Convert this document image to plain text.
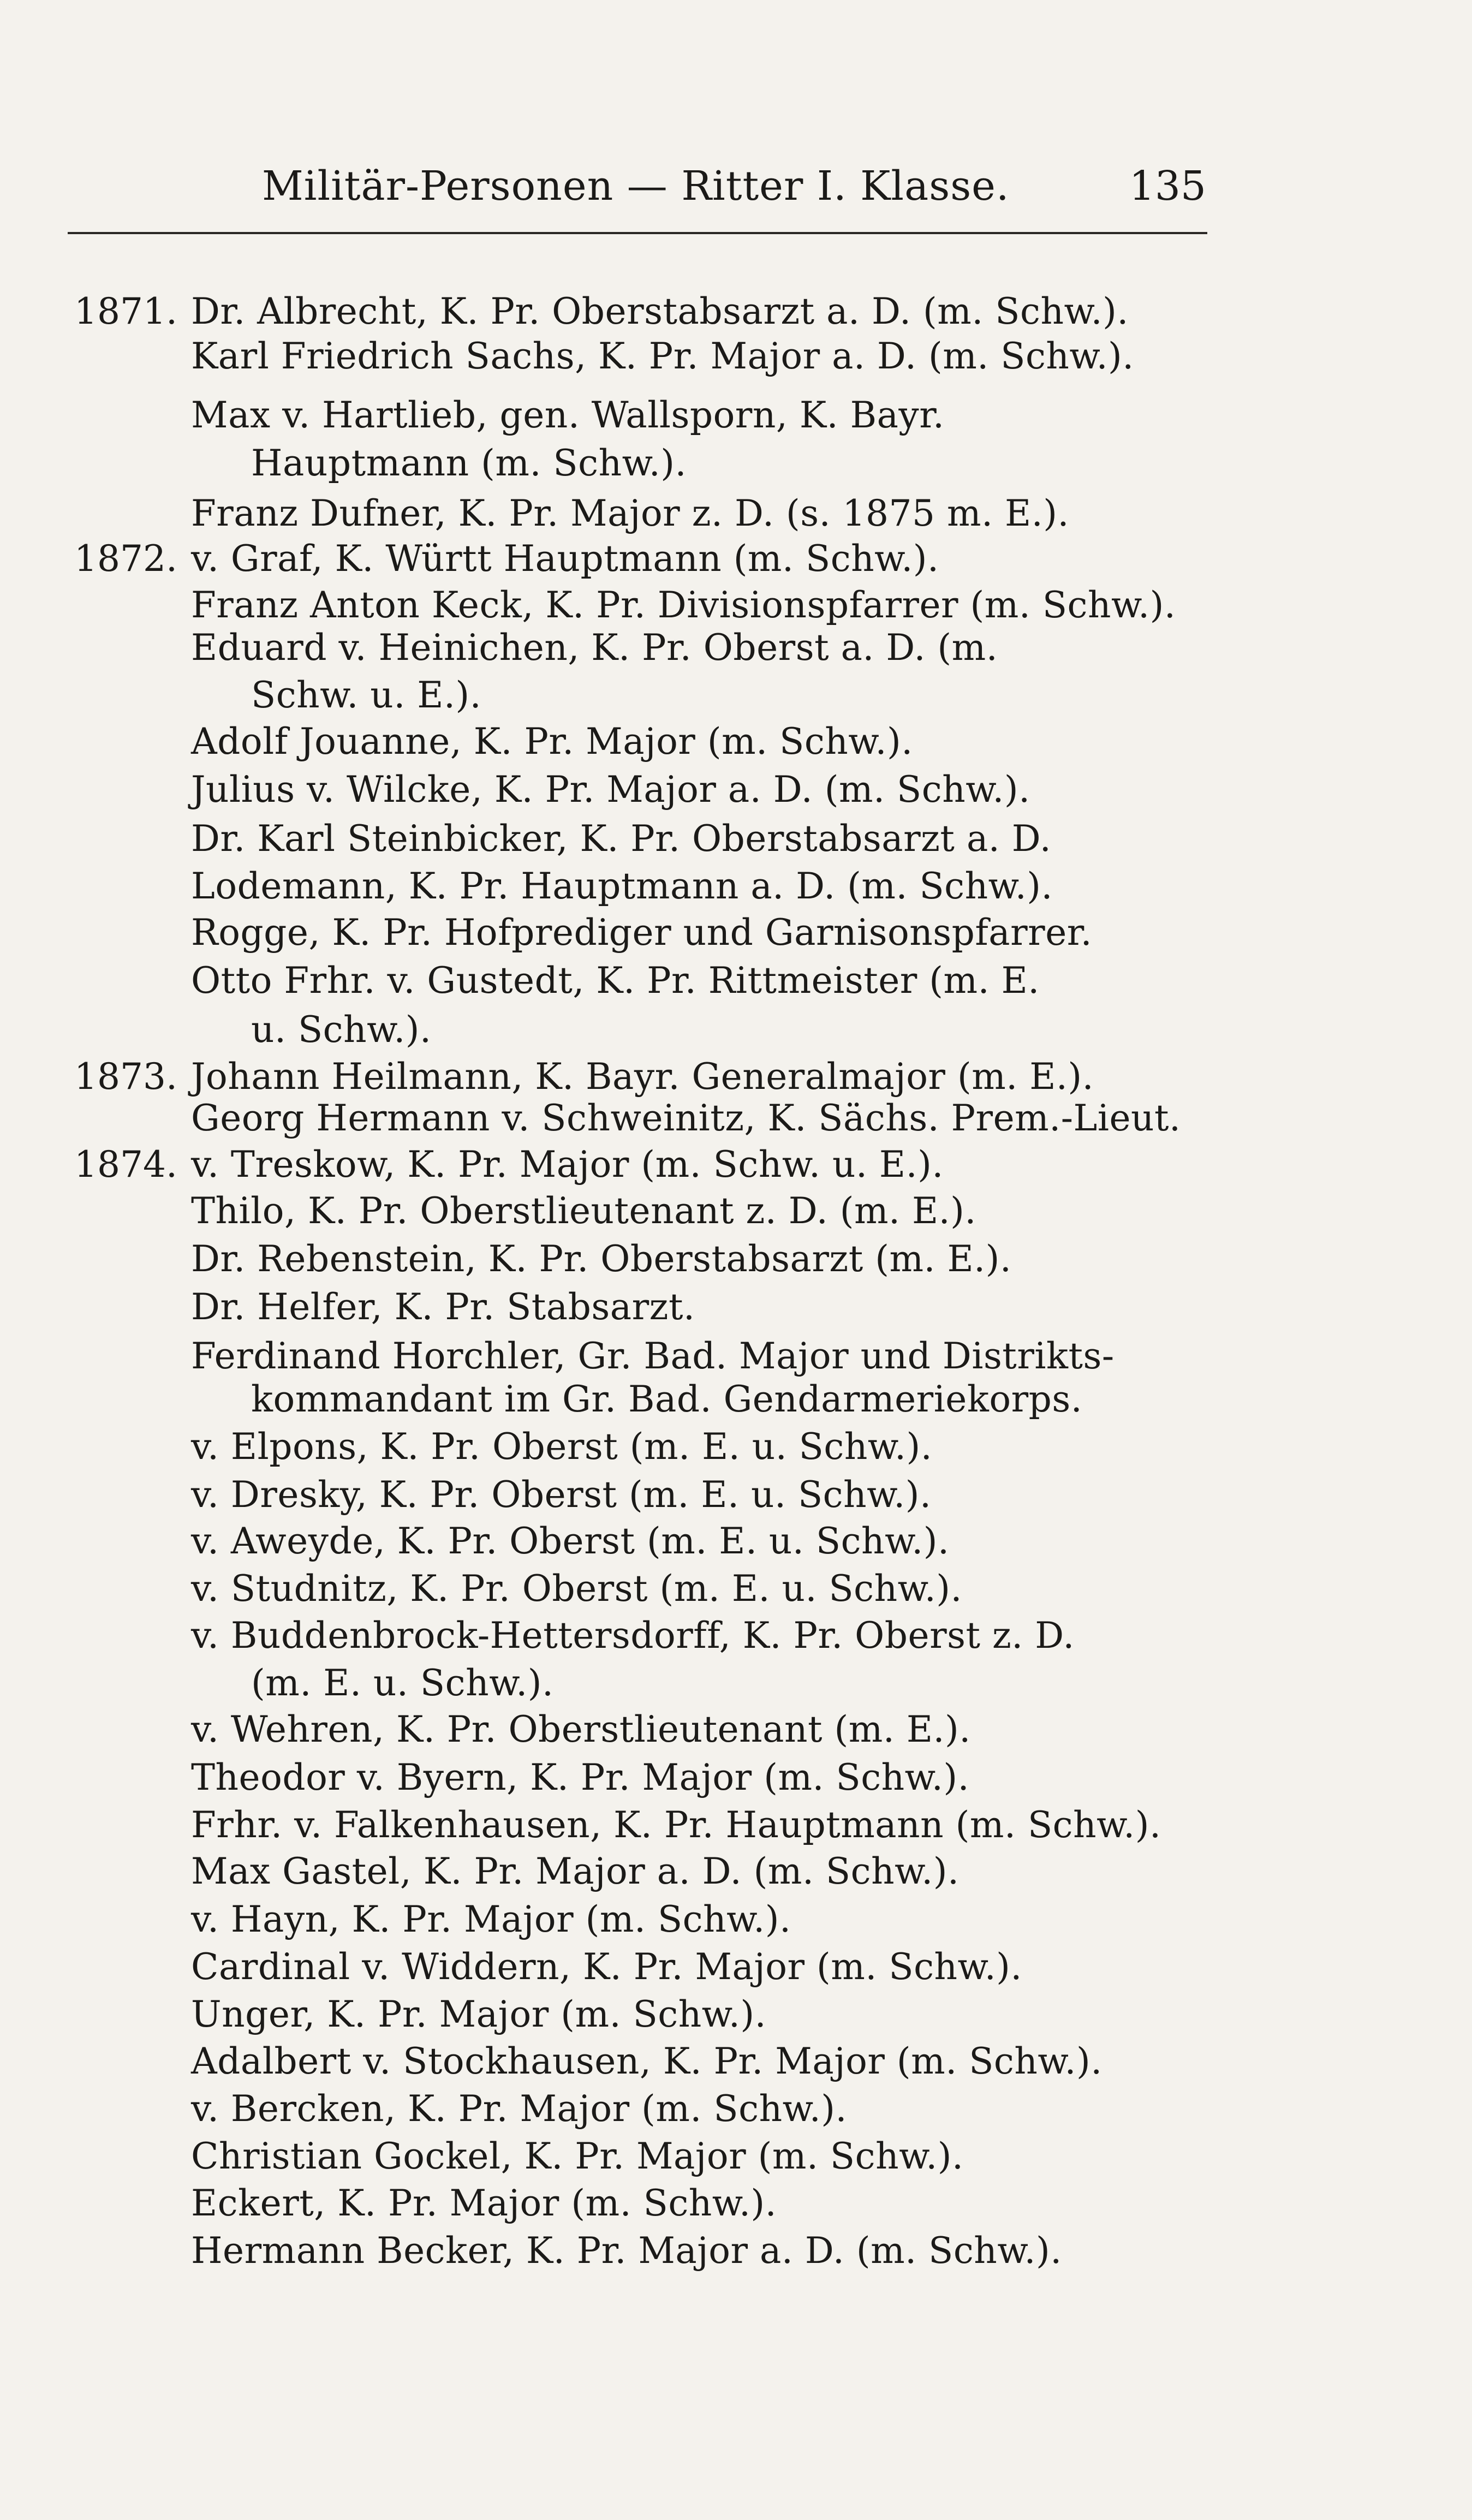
Militär-Personen — Ritter I. Klasse.	135
1871.
1872.
1873.
1874.
Dr. Albrecht, K. Pr. Oberstabsarzt a. D. (m. Schw.).
Karl Friedrich Sachs, K. Pr. Major a. D. (m. Schw.).
Max v. Hartlieb, gen. Wallsporn, K. Bayr.
Hauptmann (m. Schw.).
Franz Dufner, K. Pr. Major z. D. (s. 1875 m. E.).
v. Graf, K. Württ Hauptmann (m. Schw.).
Franz Anton Keck, K. Pr. Divisionspfarrer (m. Schw.).
Eduard v. Heinichen, K. Pr. Oberst a. D. (m.
Schw. u. E.).
Adolf Jouanne, K. Pr. Major (m. Schw.).
Julius v. Wilcke, K. Pr. Major a. D. (m. Schw.).
Dr. Karl Steinbicker, K. Pr. Oberstabsarzt a. D.
Lodemann, K. Pr. Hauptmann a. D. (m. Schw.).
Rogge, K. Pr. Hofprediger und Garnisonspfarrer.
Otto Frhr. v. Gustedt, K. Pr. Rittmeister (m. E.
u. Schw.).
Johann Heilmann, K. Bayr. Generalmajor (m. E.).
Georg Hermann v. Schweinitz, K. Sächs. Prem.-Lieut.
v. Treskow, K. Pr. Major (m. Schw. u. E.).
Thilo, K. Pr. Oberstlieutenant z. D. (m. E.).
Dr. Rebenstein, K. Pr. Oberstabsarzt (m. E.).
Dr. Helfer, K. Pr. Stabsarzt.
Ferdinand Horchler, Gr. Bad. Major und Distrikts-
kommandant im Gr. Bad. Gendarmeriekorps.
v. Elpons, K. Pr. Oberst (m. E. u. Schw.).
v. Dresky, K. Pr. Oberst (m. E. u. Schw.).
v. Aweyde, K. Pr. Oberst (m. E. u. Schw.).
v. Studnitz, K. Pr. Oberst (m. E. u. Schw.).
v. Buddenbrock-Hettersdorff, K. Pr. Oberst z. D.
(m. E. u. Schw.).
v. Wehren, K. Pr. Oberstlieutenant (m. E.).
Theodor v. Byern, K. Pr. Major (m. Schw.).
Frhr. v. Falkenhausen, K. Pr. Hauptmann (m. Schw.).
Max Gastel, K. Pr. Major a. D. (m. Schw.).
v. Hayn, K. Pr. Major (m. Schw.).
Cardinal v. Widdern, K. Pr. Major (m. Schw.).
Unger, K. Pr. Major (m. Schw.).
Adalbert v. Stockhausen, K. Pr. Major (m. Schw.).
v. Bercken, K. Pr. Major (m. Schw.).
Christian Gockel, K. Pr. Major (m. Schw.).
Eckert, K. Pr. Major (m. Schw.).
Hermann Becker, K. Pr. Major a. D. (m. Schw.).
